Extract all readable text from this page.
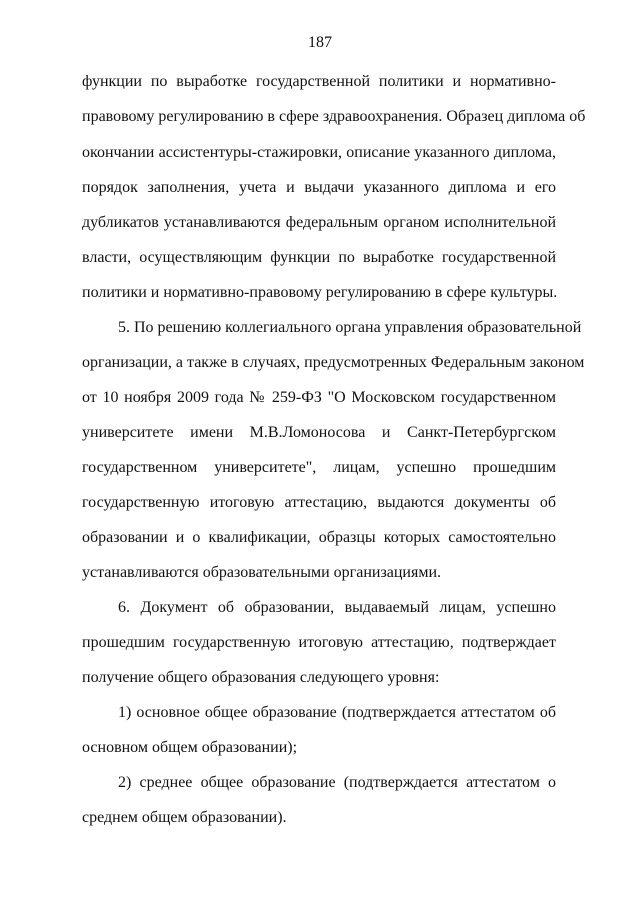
187
функции по выработке государственной политики и нормативно-
правовому регулированию в сфере здравоохранения. Образец диплома об
окончании ассистентуры-стажировки, описание указанного диплома,
порядок заполнения, учета и выдачи указанного диплома и его
дубликатов устанавливаются федеральным органом исполнительной
власти, осуществляющим функции по выработке государственной
политики и нормативно-правовому регулированию в сфере культуры.
5. По решению коллегиального органа управления образовательной
организации, а также в случаях, предусмотренных Федеральным законом
от 10 ноября 2009 года № 259-ФЗ "О Московском государственном
университете имени М.В.Ломоносова и Санкт-Петербургском
государственном университете", лицам, успешно прошедшим
государственную итоговую аттестацию, выдаются документы об
образовании и о квалификации, образцы которых самостоятельно
устанавливаются образовательными организациями.
6. Документ об образовании, выдаваемый лицам, успешно
прошедшим государственную итоговую аттестацию, подтверждает
получение общего образования следующего уровня:
1) основное общее образование (подтверждается аттестатом об
основном общем образовании);
2) среднее общее образование (подтверждается аттестатом о
среднем общем образовании).
